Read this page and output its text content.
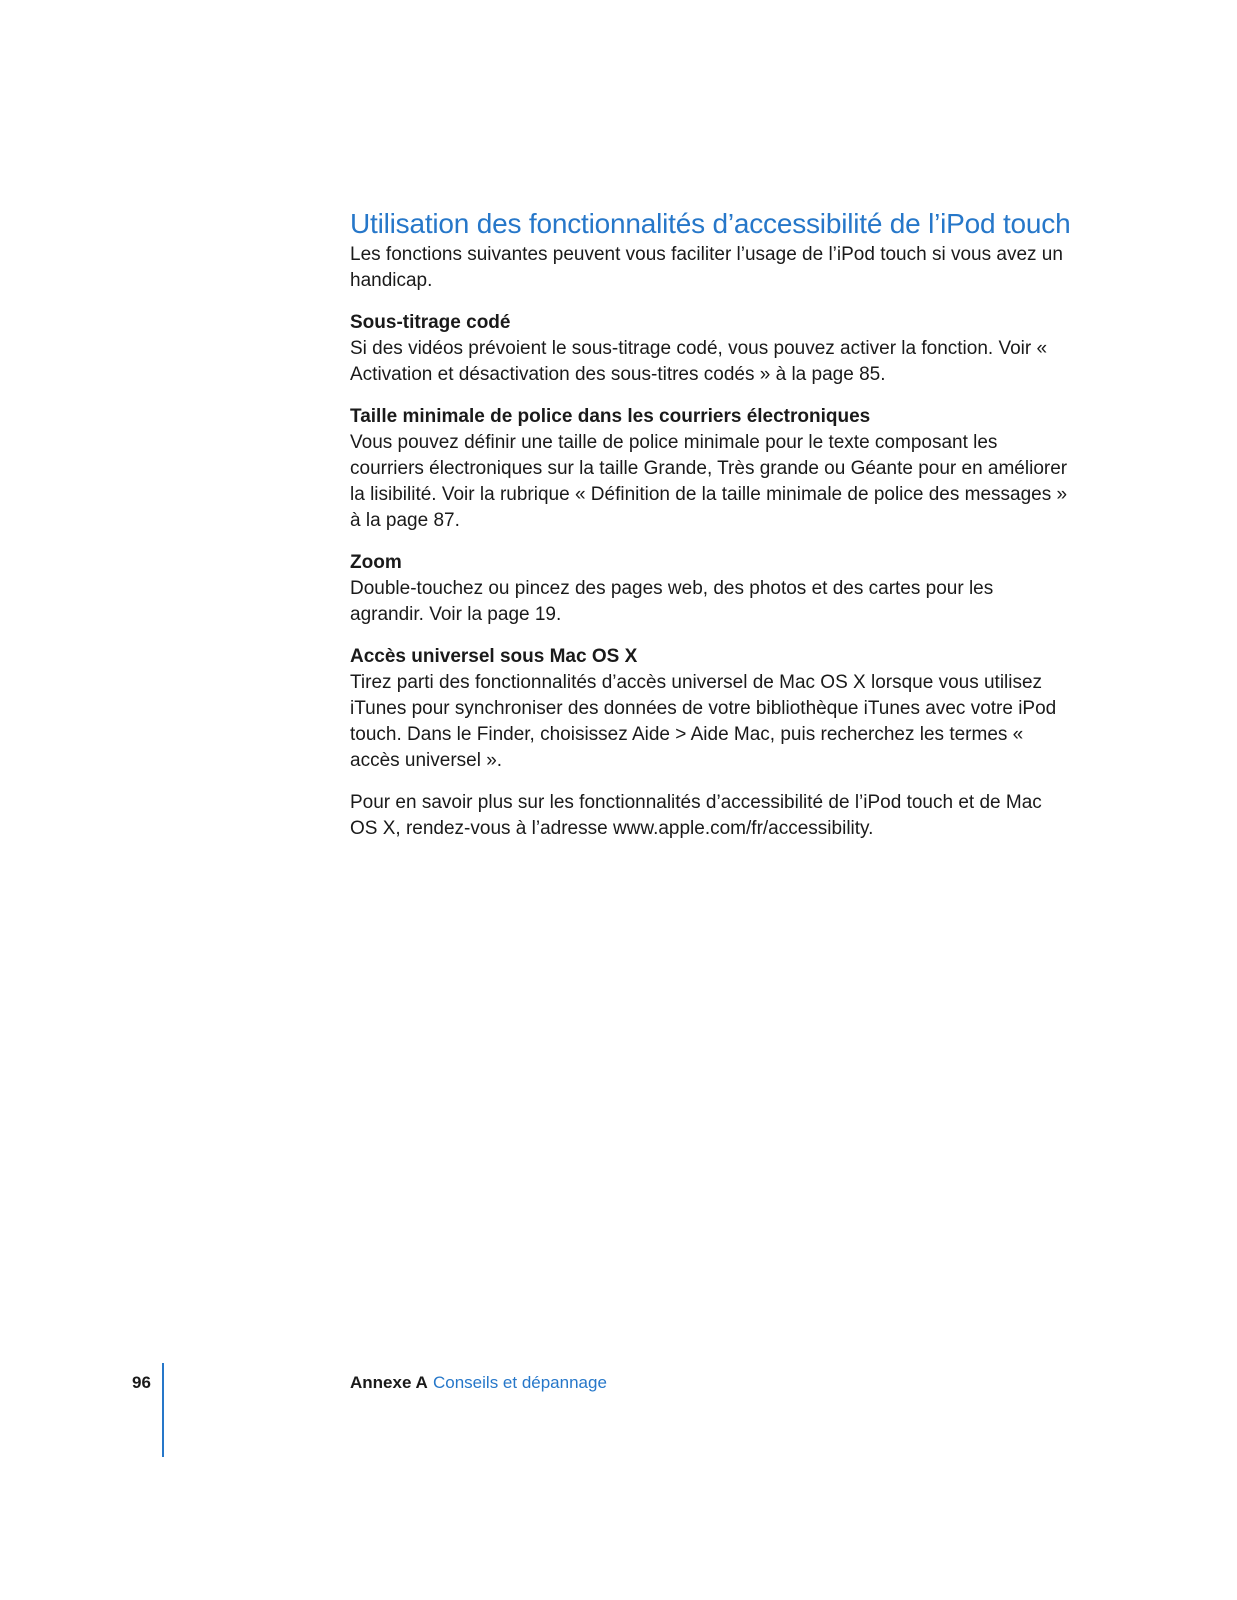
Utilisation des fonctionnalités d’accessibilité de l’iPod touch

Les fonctions suivantes peuvent vous faciliter l’usage de l’iPod touch si vous avez un handicap.

Sous-titrage codé

Si des vidéos prévoient le sous-titrage codé, vous pouvez activer la fonction. Voir « Activation et désactivation des sous-titres codés » à la page 85.

Taille minimale de police dans les courriers électroniques

Vous pouvez définir une taille de police minimale pour le texte composant les courriers électroniques sur la taille Grande, Très grande ou Géante pour en améliorer la lisibilité. Voir la rubrique « Définition de la taille minimale de police des messages » à la page 87.

Zoom

Double-touchez ou pincez des pages web, des photos et des cartes pour les agrandir. Voir la page 19.

Accès universel sous Mac OS X

Tirez parti des fonctionnalités d’accès universel de Mac OS X lorsque vous utilisez iTunes pour synchroniser des données de votre bibliothèque iTunes avec votre iPod touch. Dans le Finder, choisissez Aide > Aide Mac, puis recherchez les termes « accès universel ».

Pour en savoir plus sur les fonctionnalités d’accessibilité de l’iPod touch et de Mac OS X, rendez-vous à l’adresse www.apple.com/fr/accessibility.

96	Annexe A Conseils et dépannage
